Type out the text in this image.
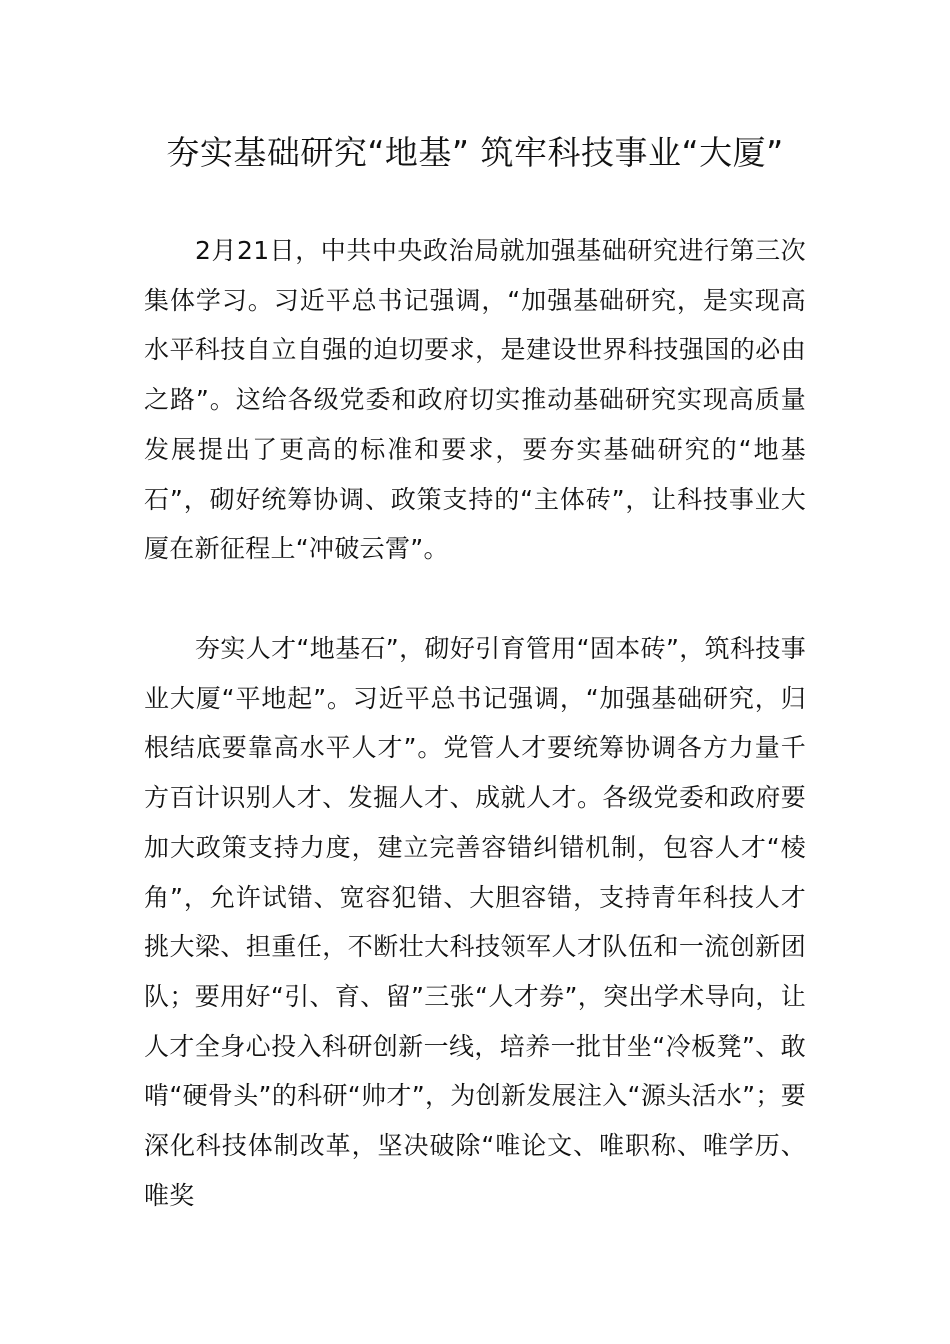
夯实基础研究“地基” 筑牢科技事业“大厦”

2月21日，中共中央政治局就加强基础研究进行第三次集体学习。习近平总书记强调，“加强基础研究，是实现高水平科技自立自强的迫切要求，是建设世界科技强国的必由之路”。这给各级党委和政府切实推动基础研究实现高质量发展提出了更高的标准和要求，要夯实基础研究的“地基石”，砌好统筹协调、政策支持的“主体砖”，让科技事业大厦在新征程上“冲破云霄”。

夯实人才“地基石”，砌好引育管用“固本砖”，筑科技事业大厦“平地起”。习近平总书记强调，“加强基础研究，归根结底要靠高水平人才”。党管人才要统筹协调各方力量千方百计识别人才、发掘人才、成就人才。各级党委和政府要加大政策支持力度，建立完善容错纠错机制，包容人才“棱角”，允许试错、宽容犯错、大胆容错，支持青年科技人才挑大梁、担重任，不断壮大科技领军人才队伍和一流创新团队；要用好“引、育、留”三张“人才券”，突出学术导向，让人才全身心投入科研创新一线，培养一批甘坐“冷板凳”、敢啃“硬骨头”的科研“帅才”，为创新发展注入“源头活水”；要深化科技体制改革，坚决破除“唯论文、唯职称、唯学历、唯奖
